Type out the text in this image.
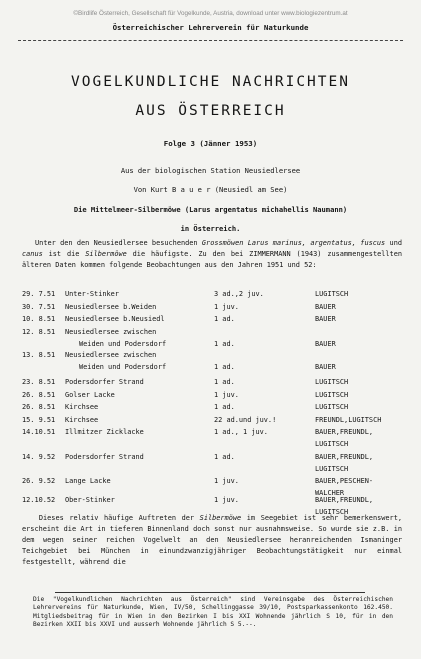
©Birdlife Österreich, Gesellschaft für Vogelkunde, Austria, download unter www.biologiezentrum.at
Österreichischer Lehrerverein für Naturkunde
VOGELKUNDLICHE NACHRICHTEN
AUS ÖSTERREICH
Folge 3 (Jänner 1953)
Aus der biologischen Station Neusiedlersee
Von Kurt B a u e r (Neusiedl am See)
Die Mittelmeer-Silbermöwe (Larus argentatus michahellis Naumann)
in Österreich.
Unter den den Neusiedlersee besuchenden Grossmöwen Larus marinus, argentatus, fuscus und canus ist die Silbermöwe die häufigste. Zu den bei ZIMMERMANN (1943) zusammengestellten älteren Daten kommen folgende Beobachtungen aus den Jahren 1951 und 52:
29. 7.51 Unter-Stinker	3 ad.,2 juv.	LUGITSCH
30. 7.51 Neusiedlersee b.Weiden	1 juv.	BAUER
10. 8.51 Neusiedlersee b.Neusiedl	1 ad.	BAUER
12. 8.51 Neusiedlersee zwischen
Weiden und Podersdorf	1 ad.	BAUER
13. 8.51 Neusiedlersee zwischen
Weiden und Podersdorf	1 ad.	BAUER
23. 8.51 Podersdorfer Strand	1 ad.	LUGITSCH
26. 8.51 Golser Lacke	1 juv.	LUGITSCH
26. 8.51 Kirchsee	1 ad.	LUGITSCH
15. 9.51 Kirchsee	22 ad.und juv.!	FREUNDL,LUGITSCH
14.10.51 Illmitzer Zicklacke	1 ad., 1 juv.	BAUER,FREUNDL,
LUGITSCH
14. 9.52 Podersdorfer Strand	1 ad.	BAUER,FREUNDL,
LUGITSCH
26. 9.52 Lange Lacke	1 juv.	BAUER,PESCHEN-
WALCHER
12.10.52 Ober-Stinker	1 juv.	BAUER,FREUNDL,
LUGITSCH
Dieses relativ häufige Auftreten der Silbermöwe im Seegebiet ist sehr bemerkenswert, erscheint die Art in tieferen Binnenland doch sonst nur ausnahmsweise. So wurde sie z.B. in dem wegen seiner reichen Vogelwelt an den Neusiedlersee heranreichenden Ismaninger Teichgebiet bei München in einundzwanzigjähriger Beobachtungstätigkeit nur einmal festgestellt, während die
Die "Vogelkundlichen Nachrichten aus Österreich" sind Vereinsgabe des Österreichischen Lehrervereins für Naturkunde, Wien, IV/50, Schellinggasse 39/10, Postsparkassenkonto 162.450. Mitgliedsbeitrag für in Wien in den Bezirken I bis XXI Wohnende jährlich S 10, für in den Bezirken XXII bis XXVI und ausserh Wohnende jährlich S 5.--.
